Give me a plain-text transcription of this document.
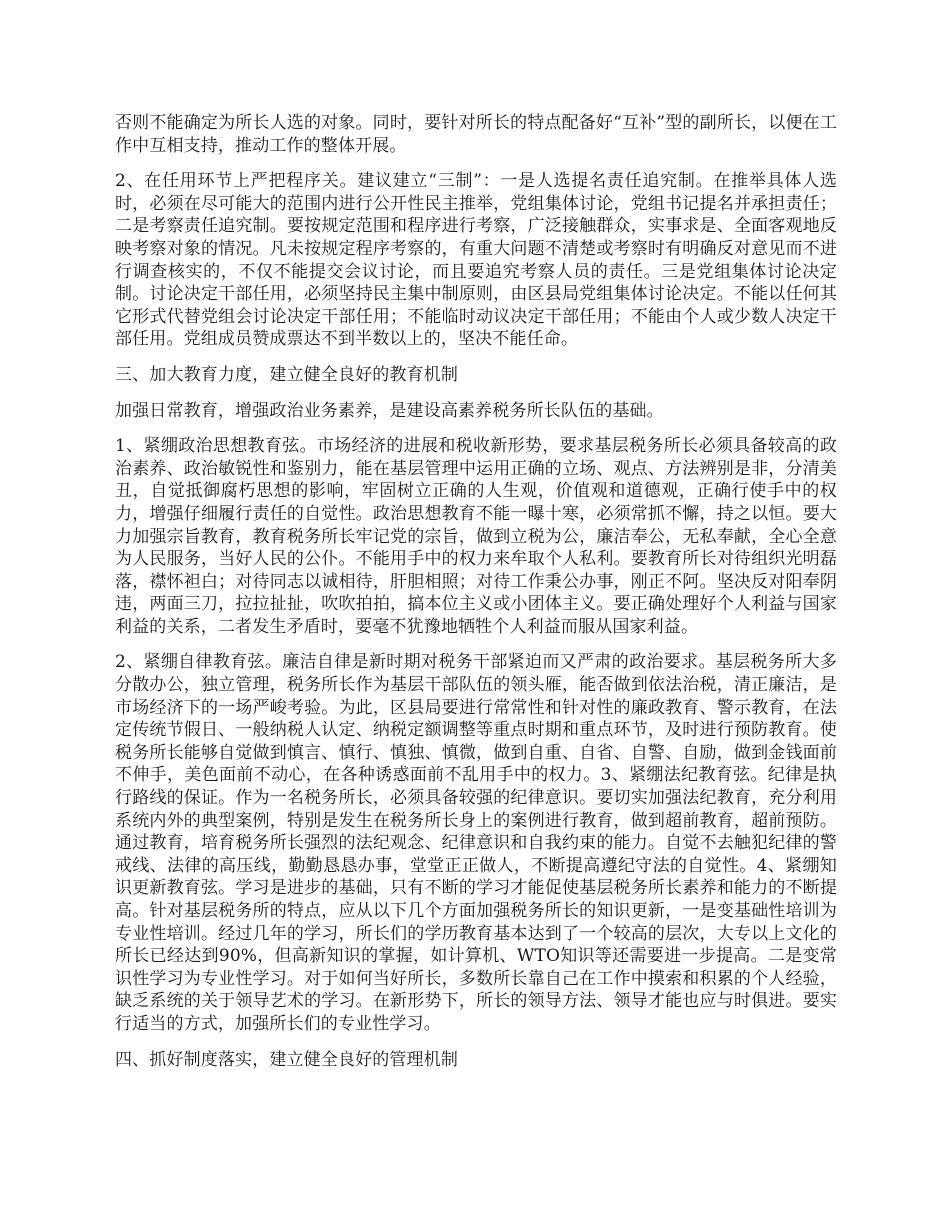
否则不能确定为所长人选的对象。同时，要针对所长的特点配备好“互补”型的副所长，以便在工作中互相支持，推动工作的整体开展。

2、在任用环节上严把程序关。建议建立“三制”：一是人选提名责任追究制。在推举具体人选时，必须在尽可能大的范围内进行公开性民主推举，党组集体讨论，党组书记提名并承担责任；二是考察责任追究制。要按规定范围和程序进行考察，广泛接触群众，实事求是、全面客观地反映考察对象的情况。凡未按规定程序考察的，有重大问题不清楚或考察时有明确反对意见而不进行调查核实的，不仅不能提交会议讨论，而且要追究考察人员的责任。三是党组集体讨论决定制。讨论决定干部任用，必须坚持民主集中制原则，由区县局党组集体讨论决定。不能以任何其它形式代替党组会讨论决定干部任用；不能临时动议决定干部任用；不能由个人或少数人决定干部任用。党组成员赞成票达不到半数以上的，坚决不能任命。

三、加大教育力度，建立健全良好的教育机制

加强日常教育，增强政治业务素养，是建设高素养税务所长队伍的基础。

1、紧绷政治思想教育弦。市场经济的进展和税收新形势，要求基层税务所长必须具备较高的政治素养、政治敏锐性和鉴别力，能在基层管理中运用正确的立场、观点、方法辨别是非，分清美丑，自觉抵御腐朽思想的影响，牢固树立正确的人生观，价值观和道德观，正确行使手中的权力，增强仔细履行责任的自觉性。政治思想教育不能一曝十寒，必须常抓不懈，持之以恒。要大力加强宗旨教育，教育税务所长牢记党的宗旨，做到立税为公，廉洁奉公，无私奉献，全心全意为人民服务，当好人民的公仆。不能用手中的权力来牟取个人私利。要教育所长对待组织光明磊落，襟怀袒白；对待同志以诚相待，肝胆相照；对待工作秉公办事，刚正不阿。坚决反对阳奉阴违，两面三刀，拉拉扯扯，吹吹拍拍，搞本位主义或小团体主义。要正确处理好个人利益与国家利益的关系，二者发生矛盾时，要毫不犹豫地牺牲个人利益而服从国家利益。

2、紧绷自律教育弦。廉洁自律是新时期对税务干部紧迫而又严肃的政治要求。基层税务所大多分散办公，独立管理，税务所长作为基层干部队伍的领头雁，能否做到依法治税，清正廉洁，是市场经济下的一场严峻考验。为此，区县局要进行常常性和针对性的廉政教育、警示教育，在法定传统节假日、一般纳税人认定、纳税定额调整等重点时期和重点环节，及时进行预防教育。使税务所长能够自觉做到慎言、慎行、慎独、慎微，做到自重、自省、自警、自励，做到金钱面前不伸手，美色面前不动心，在各种诱惑面前不乱用手中的权力。3、紧绷法纪教育弦。纪律是执行路线的保证。作为一名税务所长，必须具备较强的纪律意识。要切实加强法纪教育，充分利用系统内外的典型案例，特别是发生在税务所长身上的案例进行教育，做到超前教育，超前预防。通过教育，培育税务所长强烈的法纪观念、纪律意识和自我约束的能力。自觉不去触犯纪律的警戒线、法律的高压线，勤勤恳恳办事，堂堂正正做人，不断提高遵纪守法的自觉性。4、紧绷知识更新教育弦。学习是进步的基础，只有不断的学习才能促使基层税务所长素养和能力的不断提高。针对基层税务所的特点，应从以下几个方面加强税务所长的知识更新，一是变基础性培训为专业性培训。经过几年的学习，所长们的学历教育基本达到了一个较高的层次，大专以上文化的所长已经达到90%，但高新知识的掌握，如计算机、WTO知识等还需要进一步提高。二是变常识性学习为专业性学习。对于如何当好所长，多数所长靠自己在工作中摸索和积累的个人经验，缺乏系统的关于领导艺术的学习。在新形势下，所长的领导方法、领导才能也应与时俱进。要实行适当的方式，加强所长们的专业性学习。

四、抓好制度落实，建立健全良好的管理机制
